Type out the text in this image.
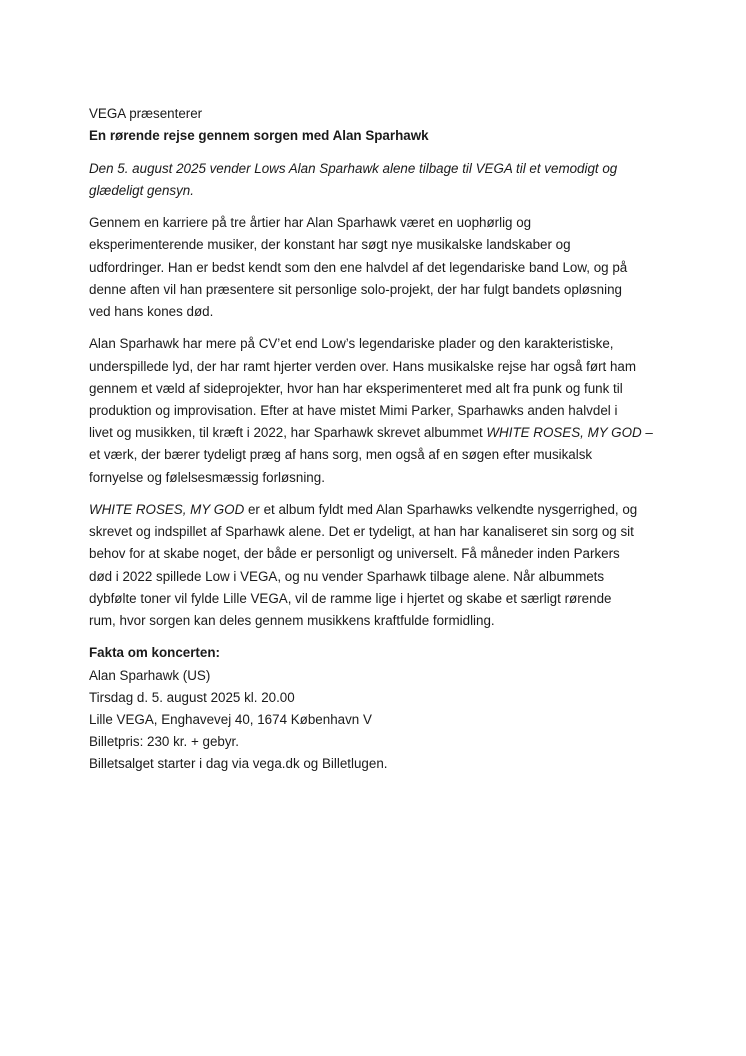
VEGA præsenterer
En rørende rejse gennem sorgen med Alan Sparhawk
Den 5. august 2025 vender Lows Alan Sparhawk alene tilbage til VEGA til et vemodigt og
glædeligt gensyn.
Gennem en karriere på tre årtier har Alan Sparhawk været en uophørlig og
eksperimenterende musiker, der konstant har søgt nye musikalske landskaber og
udfordringer. Han er bedst kendt som den ene halvdel af det legendariske band Low, og på
denne aften vil han præsentere sit personlige solo-projekt, der har fulgt bandets opløsning
ved hans kones død.
Alan Sparhawk har mere på CV’et end Low’s legendariske plader og den karakteristiske,
underspillede lyd, der har ramt hjerter verden over. Hans musikalske rejse har også ført ham
gennem et væld af sideprojekter, hvor han har eksperimenteret med alt fra punk og funk til
produktion og improvisation. Efter at have mistet Mimi Parker, Sparhawks anden halvdel i
livet og musikken, til kræft i 2022, har Sparhawk skrevet albummet WHITE ROSES, MY GOD –
et værk, der bærer tydeligt præg af hans sorg, men også af en søgen efter musikalsk
fornyelse og følelsesmæssig forløsning.
WHITE ROSES, MY GOD er et album fyldt med Alan Sparhawks velkendte nysgerrighed, og
skrevet og indspillet af Sparhawk alene. Det er tydeligt, at han har kanaliseret sin sorg og sit
behov for at skabe noget, der både er personligt og universelt. Få måneder inden Parkers
død i 2022 spillede Low i VEGA, og nu vender Sparhawk tilbage alene. Når albummets
dybfølte toner vil fylde Lille VEGA, vil de ramme lige i hjertet og skabe et særligt rørende
rum, hvor sorgen kan deles gennem musikkens kraftfulde formidling.
Fakta om koncerten:
Alan Sparhawk (US)
Tirsdag d. 5. august 2025 kl. 20.00
Lille VEGA, Enghavevej 40, 1674 København V
Billetpris: 230 kr. + gebyr.
Billetsalget starter i dag via vega.dk og Billetlugen.
